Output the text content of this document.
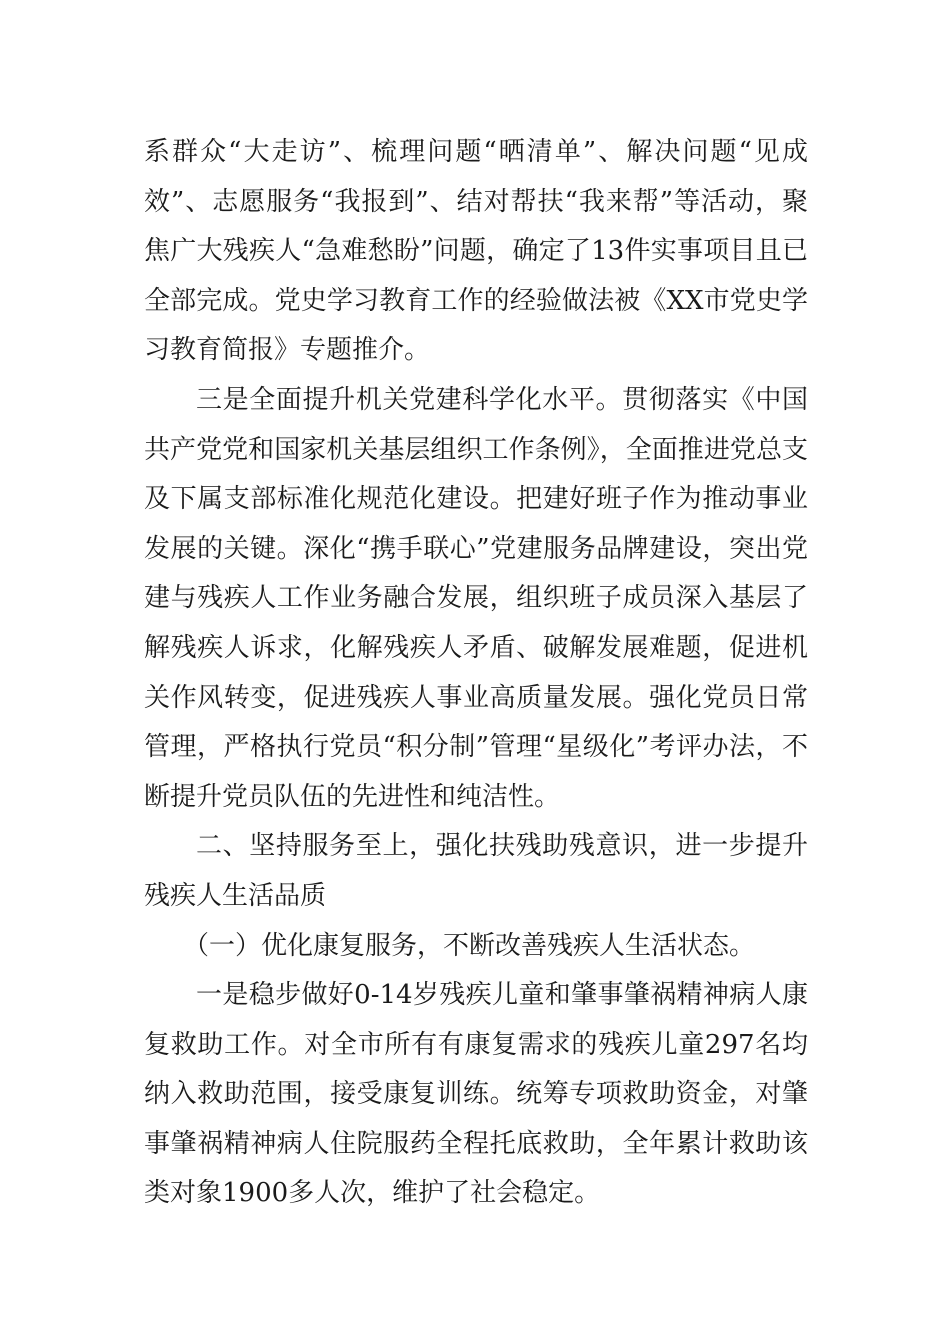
系群众“大走访”、梳理问题“晒清单”、解决问题“见成效”、志愿服务“我报到”、结对帮扶“我来帮”等活动，聚焦广大残疾人“急难愁盼”问题，确定了13件实事项目且已全部完成。党史学习教育工作的经验做法被《XX市党史学习教育简报》专题推介。

三是全面提升机关党建科学化水平。贯彻落实《中国共产党党和国家机关基层组织工作条例》，全面推进党总支及下属支部标准化规范化建设。把建好班子作为推动事业发展的关键。深化“携手联心”党建服务品牌建设，突出党建与残疾人工作业务融合发展，组织班子成员深入基层了解残疾人诉求，化解残疾人矛盾、破解发展难题，促进机关作风转变，促进残疾人事业高质量发展。强化党员日常管理，严格执行党员“积分制”管理“星级化”考评办法，不断提升党员队伍的先进性和纯洁性。

二、坚持服务至上，强化扶残助残意识，进一步提升残疾人生活品质

（一）优化康复服务，不断改善残疾人生活状态。

一是稳步做好0-14岁残疾儿童和肇事肇祸精神病人康复救助工作。对全市所有有康复需求的残疾儿童297名均纳入救助范围，接受康复训练。统筹专项救助资金，对肇事肇祸精神病人住院服药全程托底救助，全年累计救助该类对象1900多人次，维护了社会稳定。
